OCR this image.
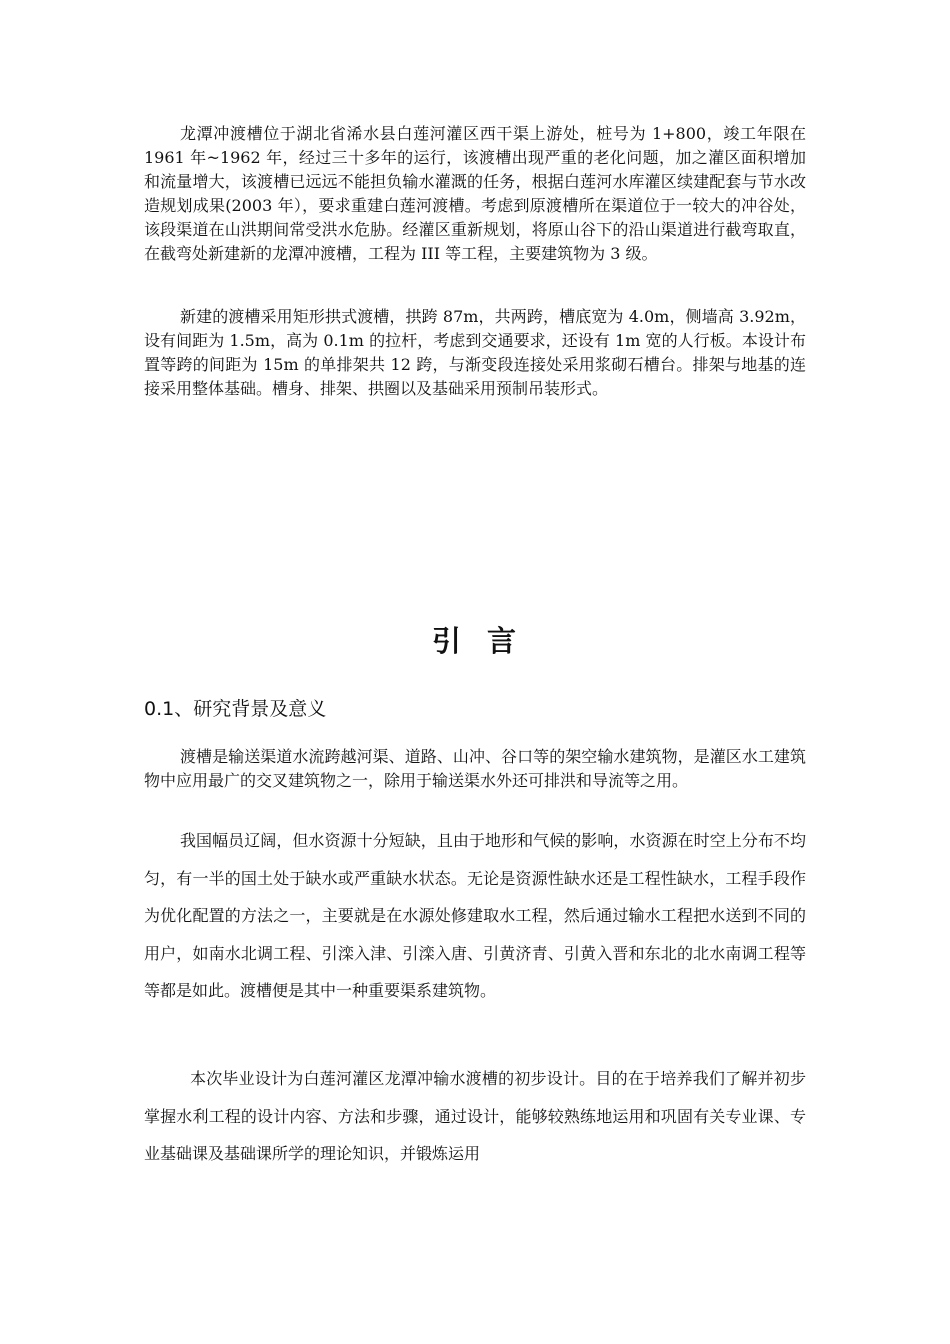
龙潭冲渡槽位于湖北省浠水县白莲河灌区西干渠上游处，桩号为 1+800，竣工年限在 1961 年~1962 年，经过三十多年的运行，该渡槽出现严重的老化问题，加之灌区面积增加和流量增大，该渡槽已远远不能担负输水灌溉的任务，根据白莲河水库灌区续建配套与节水改造规划成果(2003 年），要求重建白莲河渡槽。考虑到原渡槽所在渠道位于一较大的冲谷处，该段渠道在山洪期间常受洪水危胁。经灌区重新规划，将原山谷下的沿山渠道进行截弯取直，在截弯处新建新的龙潭冲渡槽，工程为 III 等工程，主要建筑物为 3 级。

新建的渡槽采用矩形拱式渡槽，拱跨 87m，共两跨，槽底宽为 4.0m，侧墙高 3.92m，设有间距为 1.5m，高为 0.1m 的拉杆，考虑到交通要求，还设有 1m 宽的人行板。本设计布置等跨的间距为 15m 的单排架共 12 跨，与渐变段连接处采用浆砌石槽台。排架与地基的连接采用整体基础。槽身、排架、拱圈以及基础采用预制吊装形式。

引言
0.1、研究背景及意义

渡槽是输送渠道水流跨越河渠、道路、山冲、谷口等的架空输水建筑物，是灌区水工建筑物中应用最广的交叉建筑物之一，除用于输送渠水外还可排洪和导流等之用。

我国幅员辽阔，但水资源十分短缺，且由于地形和气候的影响，水资源在时空上分布不均匀，有一半的国土处于缺水或严重缺水状态。无论是资源性缺水还是工程性缺水，工程手段作为优化配置的方法之一，主要就是在水源处修建取水工程，然后通过输水工程把水送到不同的用户，如南水北调工程、引滦入津、引滦入唐、引黄济青、引黄入晋和东北的北水南调工程等等都是如此。渡槽便是其中一种重要渠系建筑物。

本次毕业设计为白莲河灌区龙潭冲输水渡槽的初步设计。目的在于培养我们了解并初步掌握水利工程的设计内容、方法和步骤，通过设计，能够较熟练地运用和巩固有关专业课、专业基础课及基础课所学的理论知识，并锻炼运用
